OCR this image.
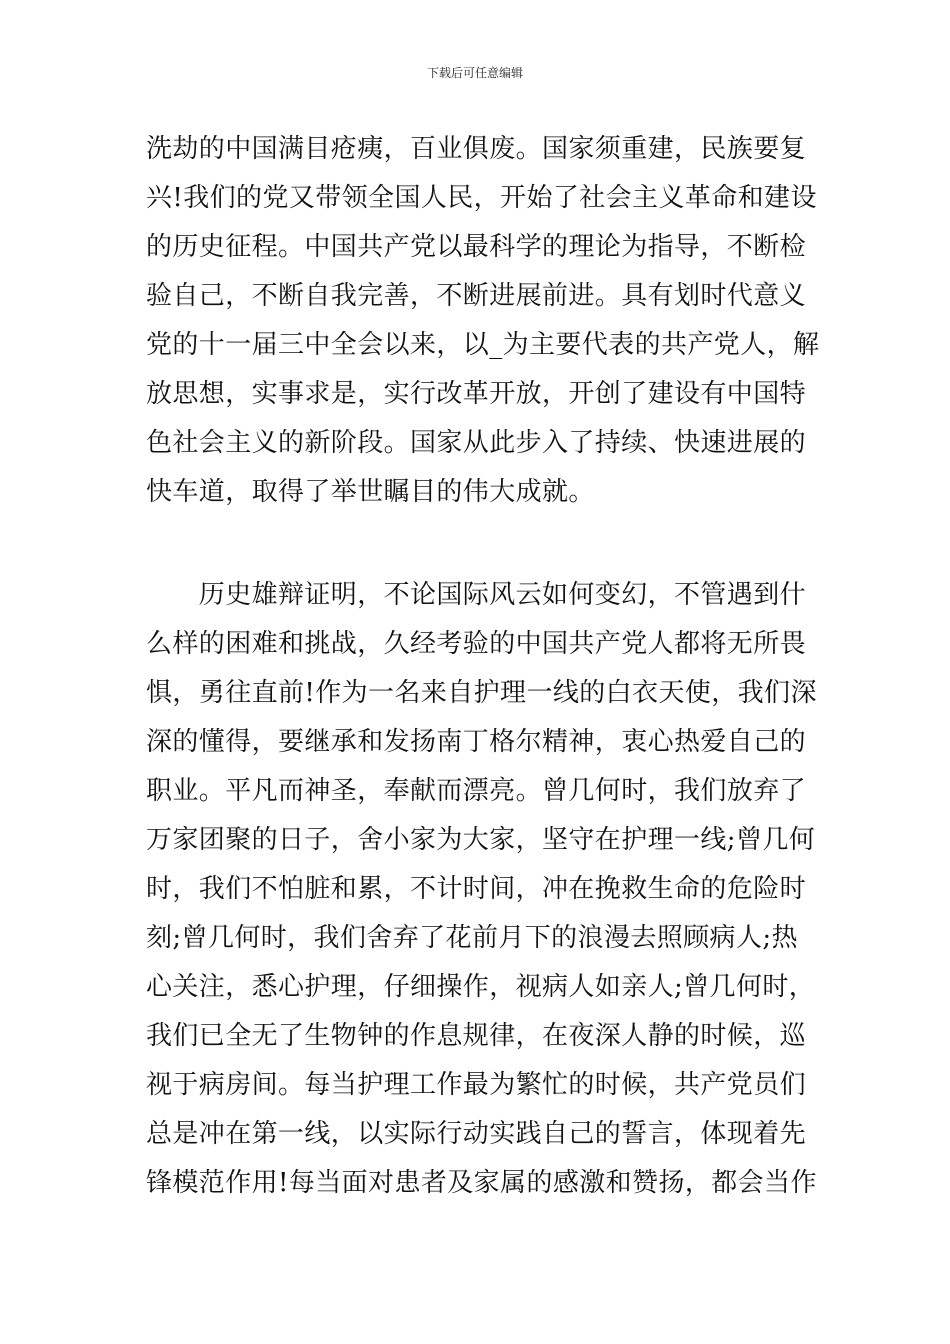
下载后可任意编辑
洗劫的中国满目疮痍，百业俱废。国家须重建，民族要复
兴!我们的党又带领全国人民，开始了社会主义革命和建设
的历史征程。中国共产党以最科学的理论为指导，不断检
验自己，不断自我完善，不断进展前进。具有划时代意义
党的十一届三中全会以来，以_为主要代表的共产党人，解
放思想，实事求是，实行改革开放，开创了建设有中国特
色社会主义的新阶段。国家从此步入了持续、快速进展的
快车道，取得了举世瞩目的伟大成就。
　　历史雄辩证明，不论国际风云如何变幻，不管遇到什
么样的困难和挑战，久经考验的中国共产党人都将无所畏
惧，勇往直前!作为一名来自护理一线的白衣天使，我们深
深的懂得，要继承和发扬南丁格尔精神，衷心热爱自己的
职业。平凡而神圣，奉献而漂亮。曾几何时，我们放弃了
万家团聚的日子，舍小家为大家，坚守在护理一线;曾几何
时，我们不怕脏和累，不计时间，冲在挽救生命的危险时
刻;曾几何时，我们舍弃了花前月下的浪漫去照顾病人;热
心关注，悉心护理，仔细操作，视病人如亲人;曾几何时，
我们已全无了生物钟的作息规律，在夜深人静的时候，巡
视于病房间。每当护理工作最为繁忙的时候，共产党员们
总是冲在第一线，以实际行动实践自己的誓言，体现着先
锋模范作用!每当面对患者及家属的感激和赞扬，都会当作
